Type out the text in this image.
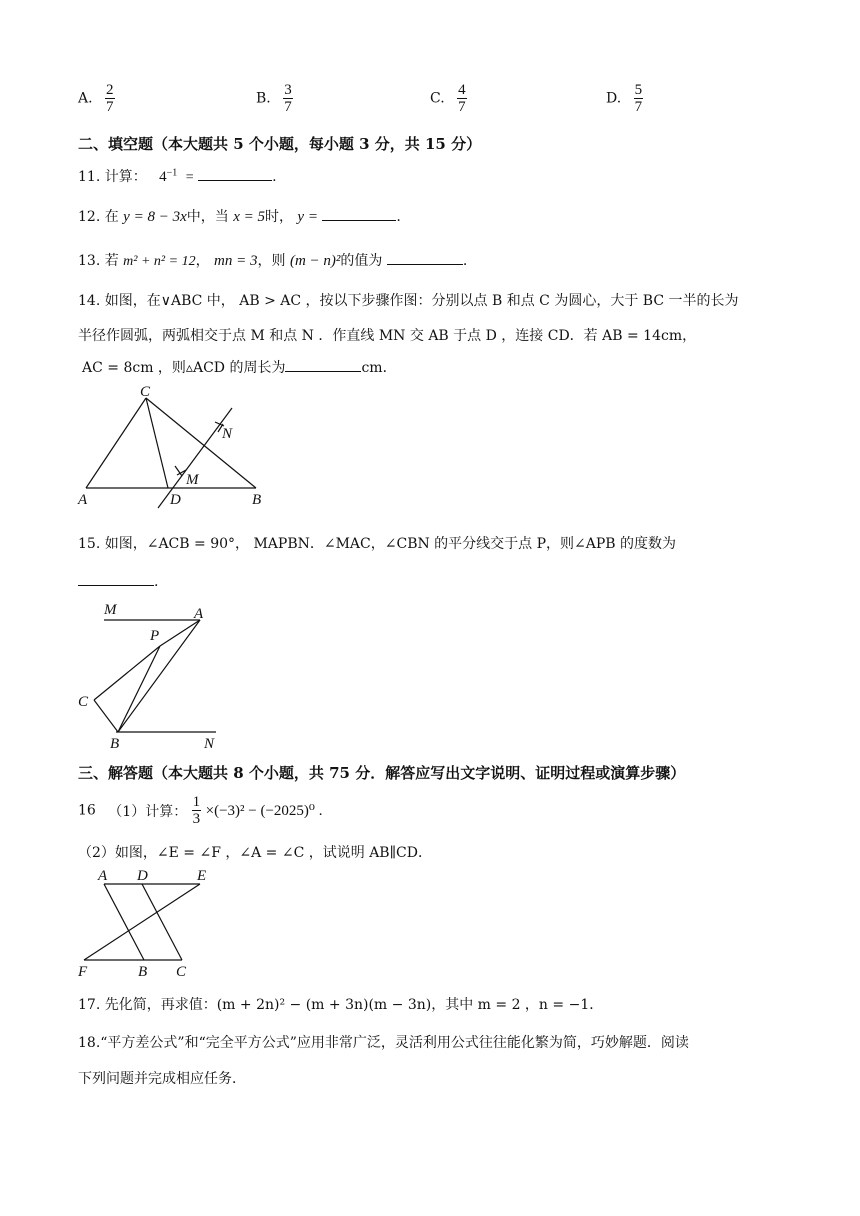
A. $\frac{2}{7}$	B. $\frac{3}{7}$	C. $\frac{4}{7}$	D. $\frac{5}{7}$
二、填空题（本大题共 5 个小题，每小题 3 分，共 15 分）
11. 计算： $4^{-1}$ =	.
12. 在 y = 8 − 3x中，当 x = 5时， y =	.
13. 若 m² + n² = 12， mn = 3，则 (m − n)²的值为	.
14. 如图，在∨ABC 中， AB > AC ，按以下步骤作图：分别以点 B 和点 C 为圆心，大于 BC 一半的长为
半径作圆弧，两弧相交于点 M 和点 N ．作直线 MN 交 AB 于点 D ，连接 CD．若 AB = 14cm，
AC = 8cm ，则▵ACD 的周长为	cm．
C
N
M
A	D	B
15. 如图，∠ACB = 90°， MAPBN．∠MAC，∠CBN 的平分线交于点 P，则∠APB 的度数为
.
M	A
P
C
B	N
三、解答题（本大题共 8 个小题，共 75 分．解答应写出文字说明、证明过程或演算步骤）
16 （1）计算： $\frac{1}{3} \times(-3)^2 - (-2025)^0$ .
（2）如图，∠E = ∠F ，∠A = ∠C ，试说明 AB∥CD．
A D	E
F	B C
17. 先化简，再求值：(m + 2n)² − (m + 3n)(m − 3n)，其中 m = 2 ，n = −1．
18.“平方差公式”和“完全平方公式”应用非常广泛，灵活利用公式往往能化繁为简，巧妙解题．阅读
下列问题并完成相应任务．
